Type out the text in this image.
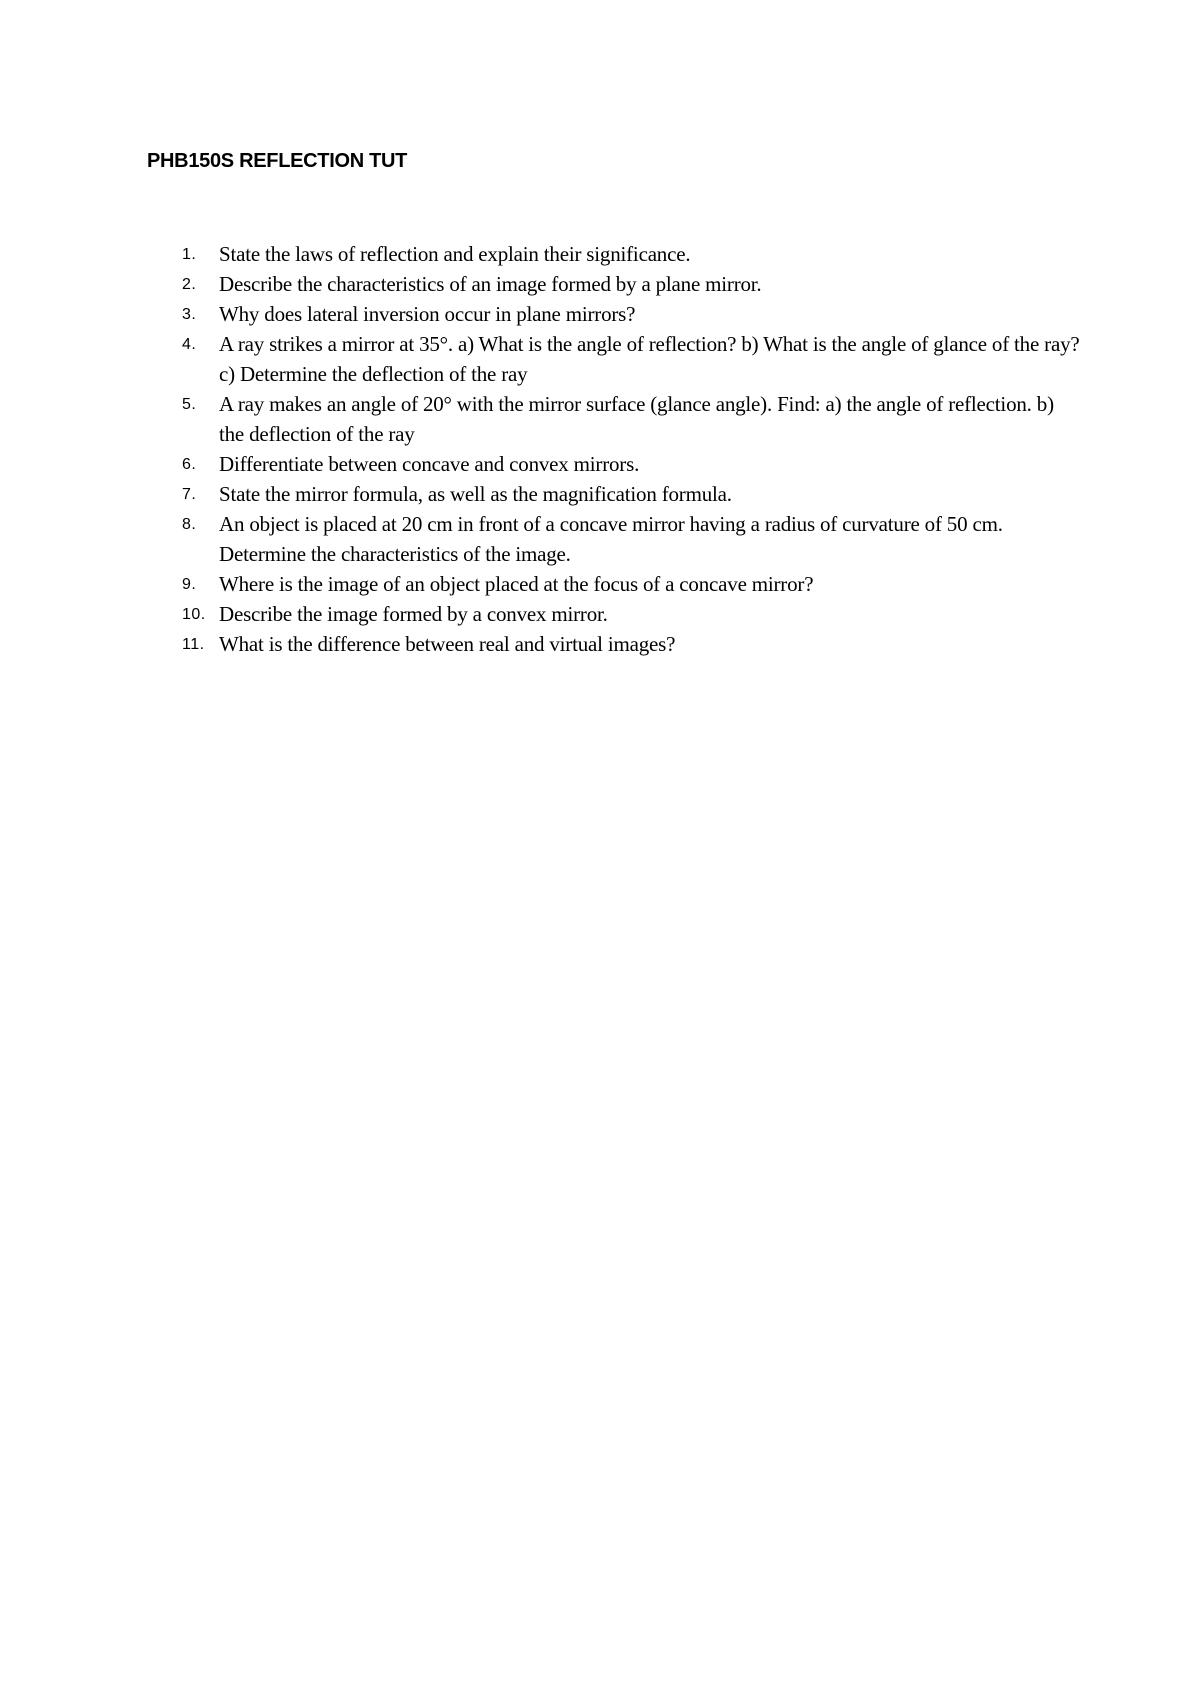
PHB150S REFLECTION TUT
1. State the laws of reflection and explain their significance.
2. Describe the characteristics of an image formed by a plane mirror.
3. Why does lateral inversion occur in plane mirrors?
4. A ray strikes a mirror at 35°. a) What is the angle of reflection? b) What is the angle of glance of the ray? c) Determine the deflection of the ray
5. A ray makes an angle of 20° with the mirror surface (glance angle). Find: a) the angle of reflection. b) the deflection of the ray
6. Differentiate between concave and convex mirrors.
7. State the mirror formula, as well as the magnification formula.
8. An object is placed at 20 cm in front of a concave mirror having a radius of curvature of 50 cm. Determine the characteristics of the image.
9. Where is the image of an object placed at the focus of a concave mirror?
10. Describe the image formed by a convex mirror.
11. What is the difference between real and virtual images?
